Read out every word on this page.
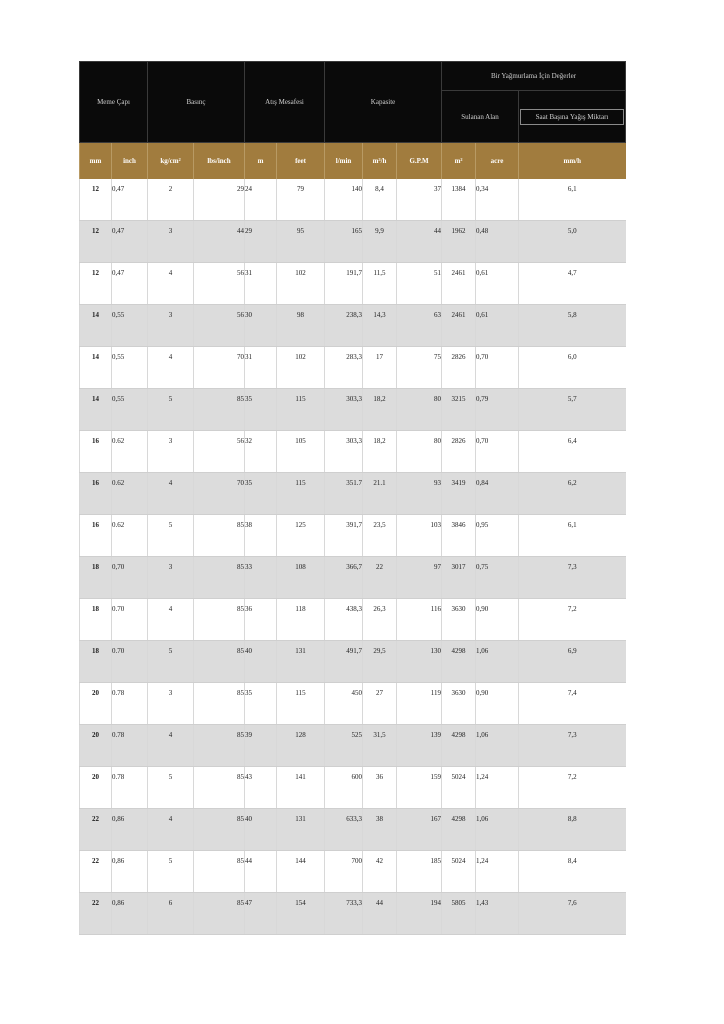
Meme Çapı		Basınç		Atış Mesafesi		Kapasite			Bir Yağmurlama İçin Değerler		
									Sulanan Alan		Saat Başına Yağış Miktarı

mm	inch	kg/cm²	lbs/inch	m	feet	l/min	m³/h	G.P.M	m²	acre	mm/h
12	0,47	2	29	24	79	140	8,4	37	1384	0,34	6,1
12	0,47	3	44	29	95	165	9,9	44	1962	0,48	5,0
12	0,47	4	56	31	102	191,7	11,5	51	2461	0,61	4,7
14	0,55	3	56	30	98	238,3	14,3	63	2461	0,61	5,8
14	0,55	4	70	31	102	283,3	17	75	2826	0,70	6,0
14	0,55	5	85	35	115	303,3	18,2	80	3215	0,79	5,7
16	0.62	3	56	32	105	303,3	18,2	80	2826	0,70	6,4
16	0.62	4	70	35	115	351.7	21.1	93	3419	0,84	6,2
16	0.62	5	85	38	125	391,7	23,5	103	3846	0,95	6,1
18	0,70	3	85	33	108	366,7	22	97	3017	0,75	7,3
18	0.70	4	85	36	118	438,3	26,3	116	3630	0,90	7,2
18	0.70	5	85	40	131	491,7	29,5	130	4298	1,06	6,9
20	0.78	3	85	35	115	450	27	119	3630	0,90	7,4
20	0.78	4	85	39	128	525	31,5	139	4298	1,06	7,3
20	0.78	5	85	43	141	600	36	159	5024	1,24	7,2
22	0,86	4	85	40	131	633,3	38	167	4298	1,06	8,8
22	0,86	5	85	44	144	700	42	185	5024	1,24	8,4
22	0,86	6	85	47	154	733,3	44	194	5805	1,43	7,6
